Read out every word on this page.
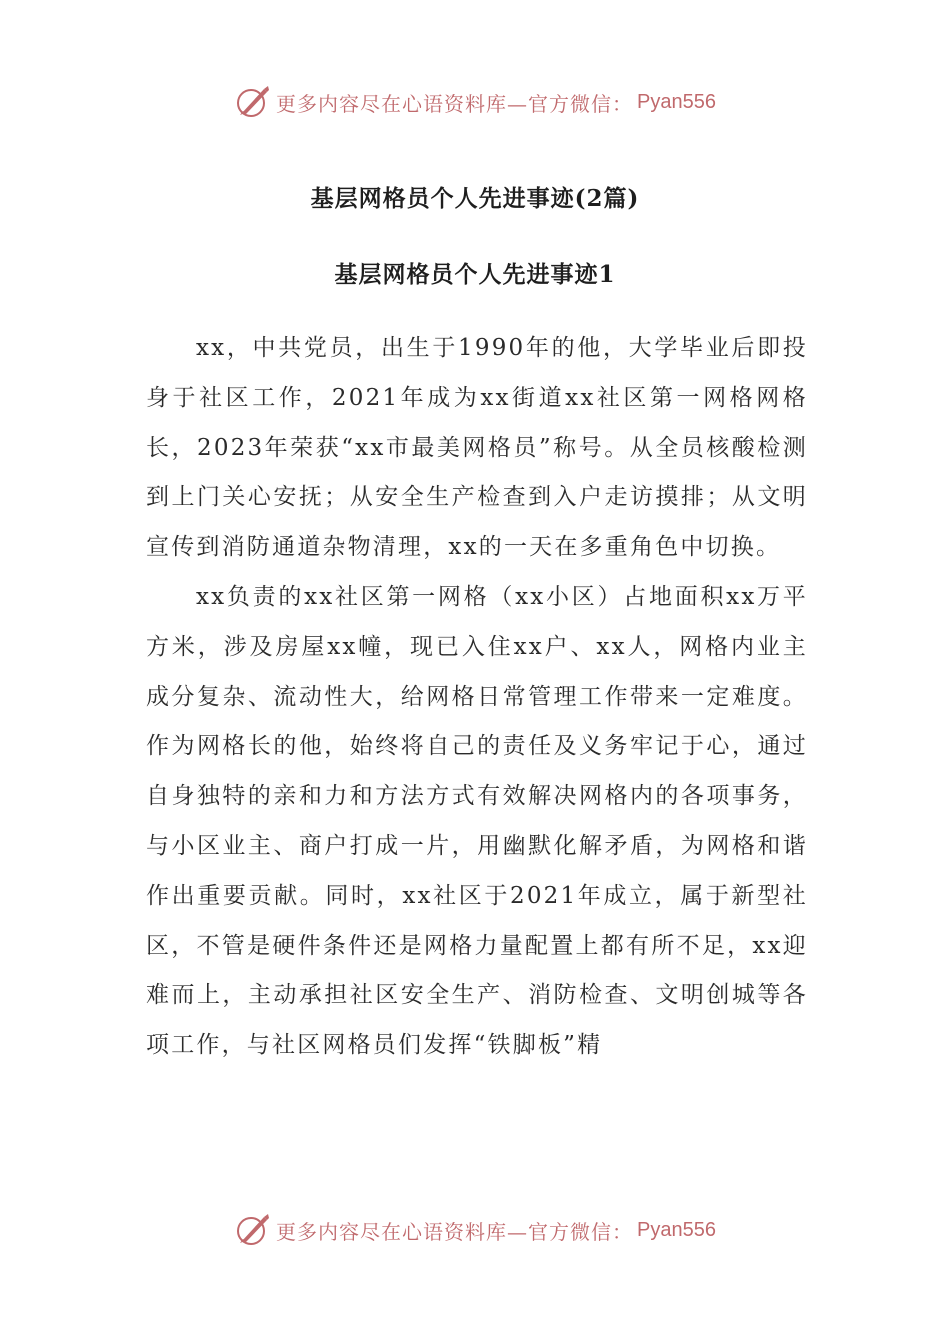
更多内容尽在心语资料库—官方微信： Pyan556
基层网格员个人先进事迹(2篇)
基层网格员个人先进事迹1

xx，中共党员，出生于1990年的他，大学毕业后即投身于社区工作，2021年成为xx街道xx社区第一网格网格长，2023年荣获“xx市最美网格员”称号。从全员核酸检测到上门关心安抚；从安全生产检查到入户走访摸排；从文明宣传到消防通道杂物清理，xx的一天在多重角色中切换。

xx负责的xx社区第一网格（xx小区）占地面积xx万平方米，涉及房屋xx幢，现已入住xx户、xx人，网格内业主成分复杂、流动性大，给网格日常管理工作带来一定难度。作为网格长的他，始终将自己的责任及义务牢记于心，通过自身独特的亲和力和方法方式有效解决网格内的各项事务，与小区业主、商户打成一片，用幽默化解矛盾，为网格和谐作出重要贡献。同时，xx社区于2021年成立，属于新型社区，不管是硬件条件还是网格力量配置上都有所不足，xx迎难而上，主动承担社区安全生产、消防检查、文明创城等各项工作，与社区网格员们发挥“铁脚板”精

更多内容尽在心语资料库—官方微信： Pyan556
